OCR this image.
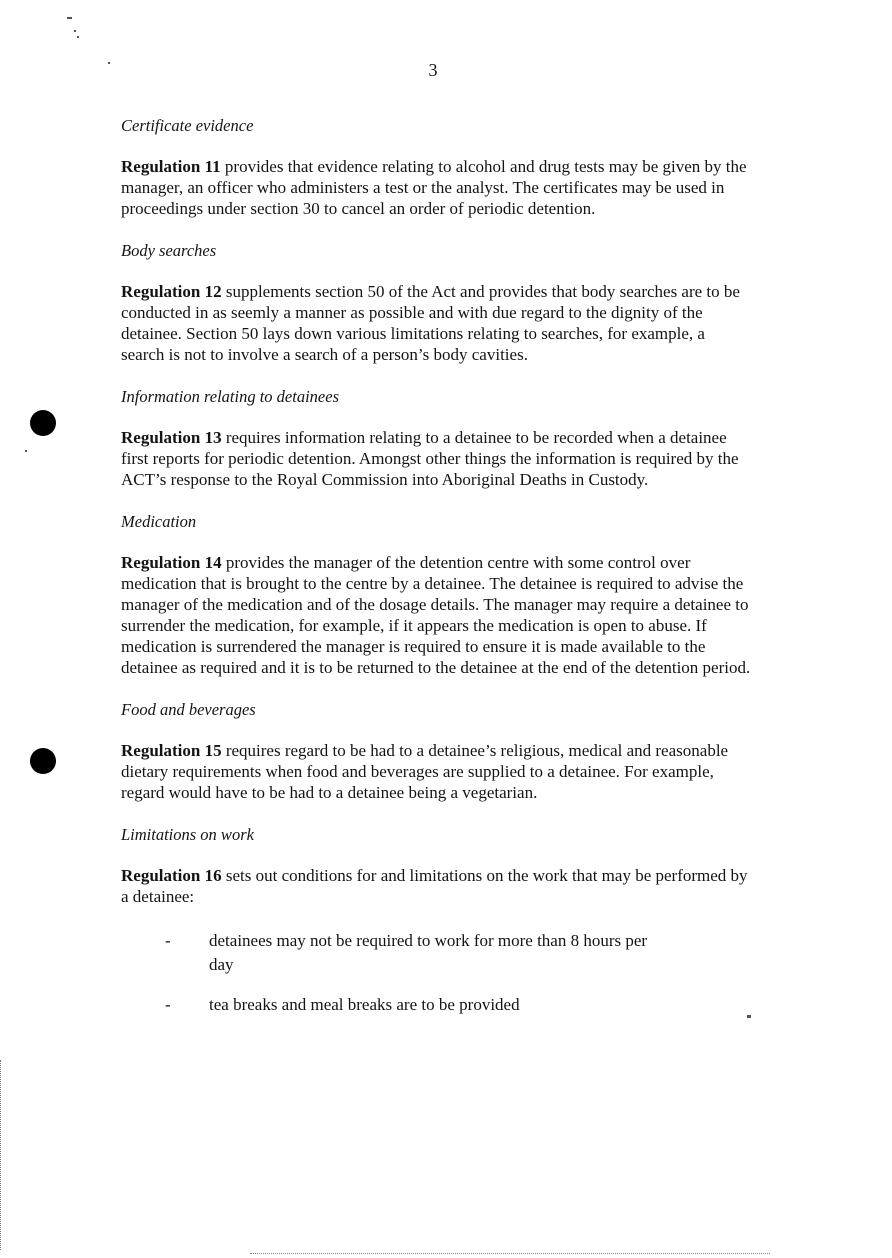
3
Certificate evidence

Regulation 11 provides that evidence relating to alcohol and drug tests may be given by the manager, an officer who administers a test or the analyst. The certificates may be used in proceedings under section 30 to cancel an order of periodic detention.

Body searches

Regulation 12 supplements section 50 of the Act and provides that body searches are to be conducted in as seemly a manner as possible and with due regard to the dignity of the detainee. Section 50 lays down various limitations relating to searches, for example, a search is not to involve a search of a person’s body cavities.

Information relating to detainees

Regulation 13 requires information relating to a detainee to be recorded when a detainee first reports for periodic detention. Amongst other things the information is required by the ACT’s response to the Royal Commission into Aboriginal Deaths in Custody.

Medication

Regulation 14 provides the manager of the detention centre with some control over medication that is brought to the centre by a detainee. The detainee is required to advise the manager of the medication and of the dosage details. The manager may require a detainee to surrender the medication, for example, if it appears the medication is open to abuse. If medication is surrendered the manager is required to ensure it is made available to the detainee as required and it is to be returned to the detainee at the end of the detention period.

Food and beverages

Regulation 15 requires regard to be had to a detainee’s religious, medical and reasonable dietary requirements when food and beverages are supplied to a detainee. For example, regard would have to be had to a detainee being a vegetarian.

Limitations on work

Regulation 16 sets out conditions for and limitations on the work that may be performed by a detainee:

- detainees may not be required to work for more than 8 hours per day
- tea breaks and meal breaks are to be provided
